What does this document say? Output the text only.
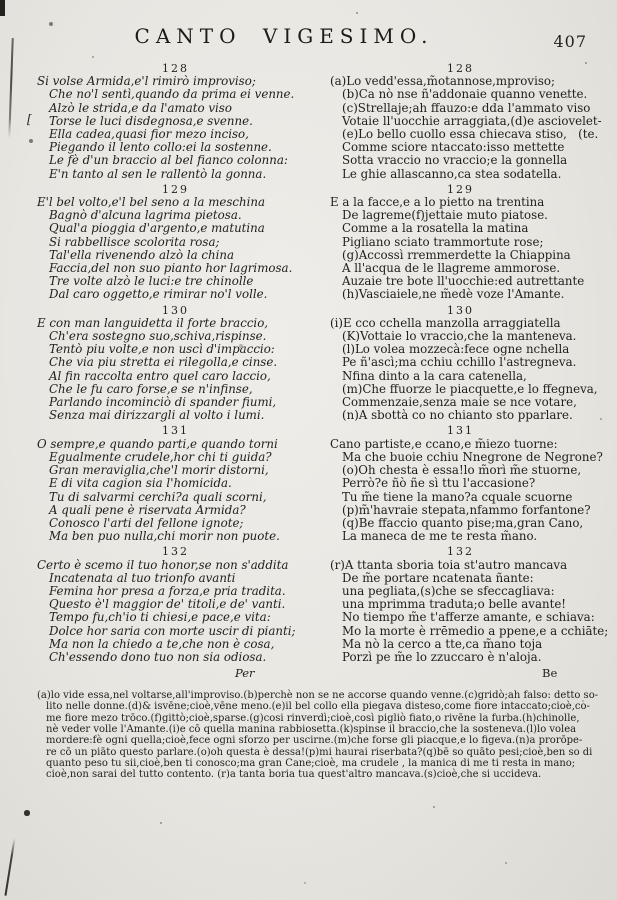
CANTO VIGESIMO.	407
[
128
Si volse Armida,e'l rimirò improviso;
Che no'l sentì,quando da prima ei venne.
Alzò le strida,e da l'amato viso
Torse le luci disdegnosa,e svenne.
Ella cadea,quasi fior mezo inciso,
Piegando il lento collo:ei la sostenne.
Le fè d'un braccio al bel fianco colonna:
E'n tanto al sen le rallentò la gonna.
129
E'l bel volto,e'l bel seno a la meschina
Bagnò d'alcuna lagrima pietosa.
Qual'a pioggia d'argento,e matutina
Si rabbellisce scolorita rosa;
Tal'ella rivenendo alzò la china
Faccia,del non suo pianto hor lagrimosa.
Tre volte alzò le luci:e tre chinolle
Dal caro oggetto,e rimirar no'l volle.
130
E con man languidetta il forte braccio,
Ch'era sostegno suo,schiva,rispinse.
Tentò piu volte,e non uscì d'impaccio:
Che via piu stretta ei rilegolla,e cinse.
Al fin raccolta entro quel caro laccio,
Che le fu caro forse,e se n'infinse,
Parlando incominciò di spander fiumi,
Senza mai dirizzargli al volto i lumi.
131
O sempre,e quando parti,e quando torni
Egualmente crudele,hor chi ti guida?
Gran meraviglia,che'l morir distorni,
E di vita cagion sia l'homicida.
Tu di salvarmi cerchi?a quali scorni,
A quali pene è riservata Armida?
Conosco l'arti del fellone ignote;
Ma ben puo nulla,chi morir non puote.
132
Certo è scemo il tuo honor,se non s'addita
Incatenata al tuo trionfo avanti
Femina hor presa a forza,e pria tradita.
Questo è'l maggior de' titoli,e de' vanti.
Tempo fu,ch'io ti chiesi,e pace,e vita:
Dolce hor saria con morte uscir di pianti;
Ma non la chiedo a te,che non è cosa,
Ch'essendo dono tuo non sia odiosa.
Per
128
(a)Lo vedd'essa,m̃otannose,mproviso;
(b)Ca nò nse ñ'addonaie quanno venette.
(c)Strellaje;ah ffauzo:e dda l'ammato viso
Votaie ll'uocchie arraggiata,(d)e asciovelet-
(e)Lo bello cuollo essa chiecava stiso,   (te.
Comme sciore ntaccato:isso mettette
Sotta vraccio no vraccio;e la gonnella
Le ghie allascanno,ca stea sodatella.
129
E a la facce,e a lo pietto na trentina
De lagreme(f)jettaie muto piatose.
Comme a la rosatella la matina
Pigliano sciato trammortute rose;
(g)Accossì rremmerdette la Chiappina
A ll'acqua de le llagreme ammorose.
Auzaie tre bote ll'uocchie:ed autrettante
(h)Vasciaiele,ne m̃edè voze l'Amante.
130
(i)E cco cchella manzolla arraggiatella
(K)Vottaie lo vraccio,che la manteneva.
(l)Lo volea mozzecà:fece ogne nchella
Pe ñ'ascì;ma cchiu cchillo l'astregneva.
Nfina dinto a la cara catenella,
(m)Che ffuorze le piacquette,e lo ffegneva,
Commenzaie,senza maie se nce votare,
(n)A sbottà co no chianto sto pparlare.
131
Cano partiste,e ccano,e m̃iezo tuorne:
Ma che buoie cchiu Nnegrone de Negrone?
(o)Oh chesta è essa!lo m̃orì m̃e stuorne,
Perrò?e ñò ñe sì ttu l'accasione?
Tu m̃e tiene la mano?a cquale scuorne
(p)m̃'havraie stepata,nfammo forfantone?
(q)Be ffaccio quanto pise;ma,gran Cano,
La maneca de me te resta m̃ano.
132
(r)A ttanta sboria toia st'autro mancava
De m̃e portare ncatenata ñante:
una pegliata,(s)che se sfeccagliava:
una mprimma traduta;o belle avante!
No tiempo m̃e t'afferze amante, e schiava:
Mo la morte è rrēmedio a ppene,e a cchiāte;
Ma nò la cerco a tte,ca m̃ano toja
Porzì pe m̃e lo zzuccaro è n'aloja.
Be
(a)lo vide essa,nel voltarse,all'improviso.(b)perchè non se ne accorse quando venne.(c)gridò;ah falso: detto so-
lito nelle donne.(d)& isvēne;cioè,vēne meno.(e)il bel collo ella piegava disteso,come fiore intaccato;cioè,co-
me fiore mezo trōco.(f)gittò;cioè,sparse.(g)cosi rinverdì;cioè,così pigliò fiato,o rivēne la furba.(h)chinolle,
nè veder volle l'Amante.(i)e cō quella manina rabbiosetta.(k)spinse il braccio,che la sosteneva.(l)lo volea
mordere:fè ogni quella;cioè,fece ogni sforzo per uscirne.(m)che forse gli piacque,e lo figeva.(n)a prorōpe-
re cō un piāto questo parlare.(o)oh questa è dessa!(p)mi haurai riserbata?(q)bē so quāto pesi;cioè,ben so di
quanto peso tu sii,cioè,ben ti conosco;ma gran Cane;cioè, ma crudele , la manica di me ti resta in mano;
cioè,non sarai del tutto contento. (r)a tanta boria tua quest'altro mancava.(s)cioè,che si uccideva.
